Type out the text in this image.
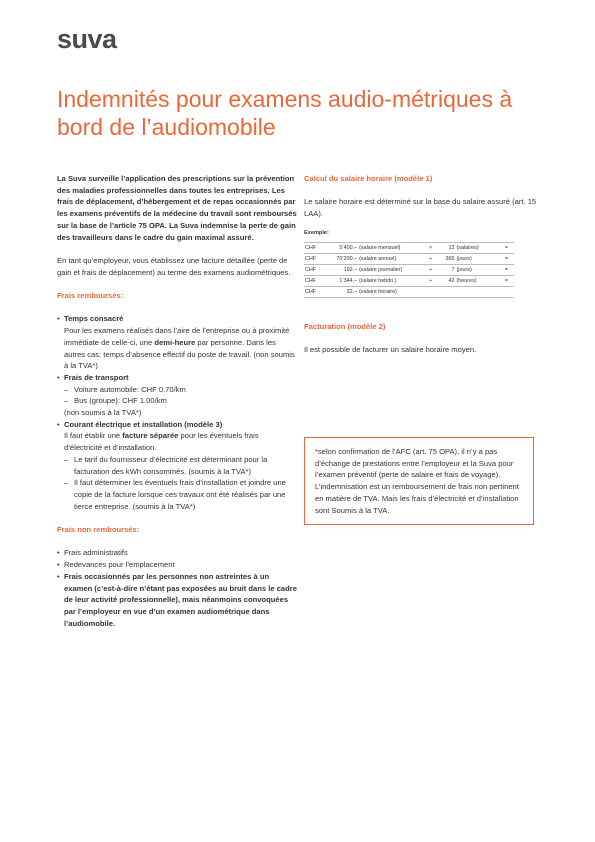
suva
Indemnités pour examens audio-métriques à bord de l’audiomobile

La Suva surveille l’application des prescriptions sur la prévention des maladies professionnelles dans toutes les entreprises. Les frais de déplacement, d’hébergement et de repas occasionnés par les examens préventifs de la médecine du travail sont remboursés sur la base de l’article 75 OPA. La Suva indemnise la perte de gain des travailleurs dans le cadre du gain maximal assuré.

En tant qu’employeur, vous établissez une facture détaillée (perte de gain et frais de déplacement) au terme des examens audiométriques.

Frais remboursés:

• Temps consacré
Pour les examens réalisés dans l’aire de l’entreprise ou à proximité immédiate de celle-ci, une demi-heure par personne. Dans les autres cas: temps d’absence effectif du poste de travail. (non soumis à la TVA*)
• Frais de transport
– Voiture automobile: CHF 0.70/km
– Bus (groupe): CHF 1.00/km
(non soumis à la TVA*)
• Courant électrique et installation (modèle 3)
Il faut établir une facture séparée pour les éventuels frais d’électricité et d’installation.
– Le tarif du fournisseur d’électricité est déterminant pour la facturation des kWh consommés. (soumis à la TVA*)
– Il faut déterminer les éventuels frais d’installation et joindre une copie de la facture lorsque ces travaux ont été réalisés par une tierce entreprise. (soumis à la TVA*)

Frais non remboursés:

• Frais administratifs
• Redevances pour l’emplacement
• Frais occasionnés par les personnes non astreintes à un examen (c’est-à-dire n’étant pas exposées au bruit dans le cadre de leur activité professionnelle), mais néanmoins convoquées par l’employeur en vue d’un examen audiométrique dans l’audiomobile.

Calcul du salaire horaire (modèle 1)

Le salaire horaire est déterminé sur la base du salaire assuré (art. 15 LAA).

Exemple:
CHF	5’400.–	(salaire mensuel)	×	13	(salaires)	=
CHF	70’200.–	(salaire annuel)	÷	365	(jours)	=
CHF	192.–	(salaire journalier)	÷	7	(jours)	=
CHF	1’344.–	(salaire hebdo.)	÷	42	(heures)	=
CHF	32.–	(salaire horaire)				

Facturation (modèle 2)

Il est possible de facturer un salaire horaire moyen.

*selon confirmation de l’AFC (art. 75 OPA), il n’y a pas d’échange de prestations entre l’employeur et la Suva pour l’examen préventif (perte de salaire et frais de voyage). L’indemnisation est un remboursement de frais non pertinent en matière de TVA. Mais les frais d’électricité et d’installation sont Soumis à la TVA.
